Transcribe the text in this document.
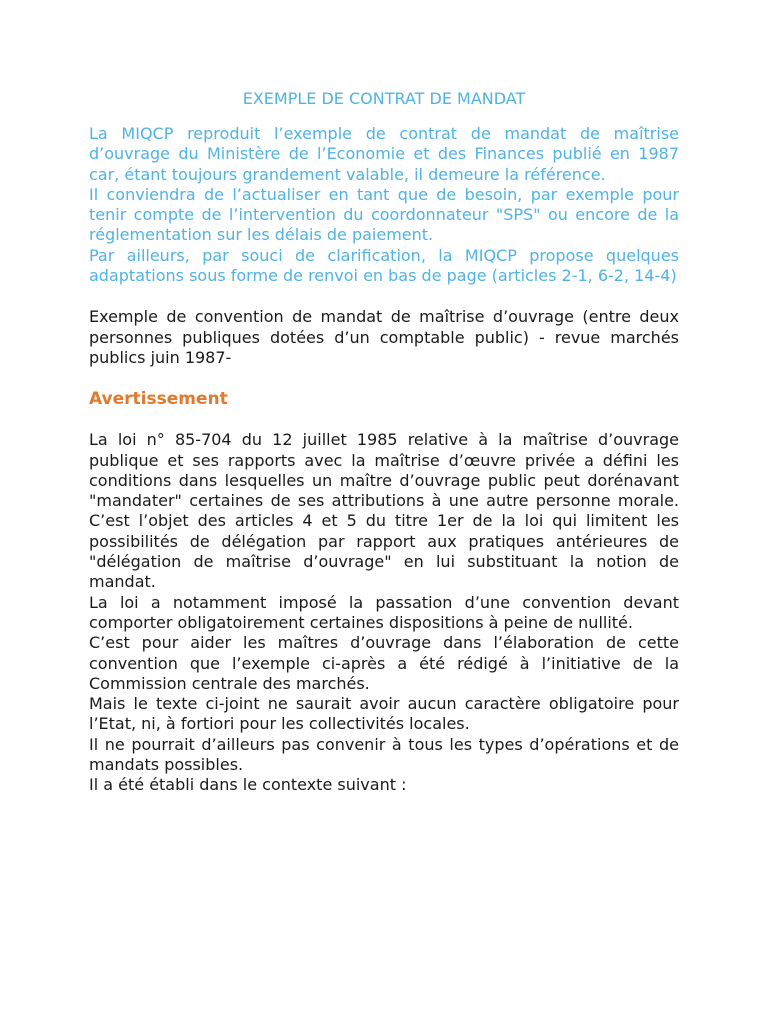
EXEMPLE DE CONTRAT DE MANDAT

La MIQCP reproduit l’exemple de contrat de mandat de maîtrise d’ouvrage du Ministère de l’Economie et des Finances publié en 1987 car, étant toujours grandement valable, il demeure la référence.

Il conviendra de l’actualiser en tant que de besoin, par exemple pour tenir compte de l’intervention du coordonnateur "SPS" ou encore de la réglementation sur les délais de paiement.

Par ailleurs, par souci de clarification, la MIQCP propose quelques adaptations sous forme de renvoi en bas de page (articles 2-1, 6-2, 14-4)

Exemple de convention de mandat de maîtrise d’ouvrage (entre deux personnes publiques dotées d’un comptable public) - revue marchés publics juin 1987-

Avertissement

La loi n° 85-704 du 12 juillet 1985 relative à la maîtrise d’ouvrage publique et ses rapports avec la maîtrise d’œuvre privée a défini les conditions dans lesquelles un maître d’ouvrage public peut dorénavant "mandater" certaines de ses attributions à une autre personne morale. C’est l’objet des articles 4 et 5 du titre 1er de la loi qui limitent les possibilités de délégation par rapport aux pratiques antérieures de "délégation de maîtrise d’ouvrage" en lui substituant la notion de mandat.

La loi a notamment imposé la passation d’une convention devant comporter obligatoirement certaines dispositions à peine de nullité.

C’est pour aider les maîtres d’ouvrage dans l’élaboration de cette convention que l’exemple ci-après a été rédigé à l’initiative de la Commission centrale des marchés.

Mais le texte ci-joint ne saurait avoir aucun caractère obligatoire pour l’Etat, ni, à fortiori pour les collectivités locales.

Il ne pourrait d’ailleurs pas convenir à tous les types d’opérations et de mandats possibles.

Il a été établi dans le contexte suivant :
